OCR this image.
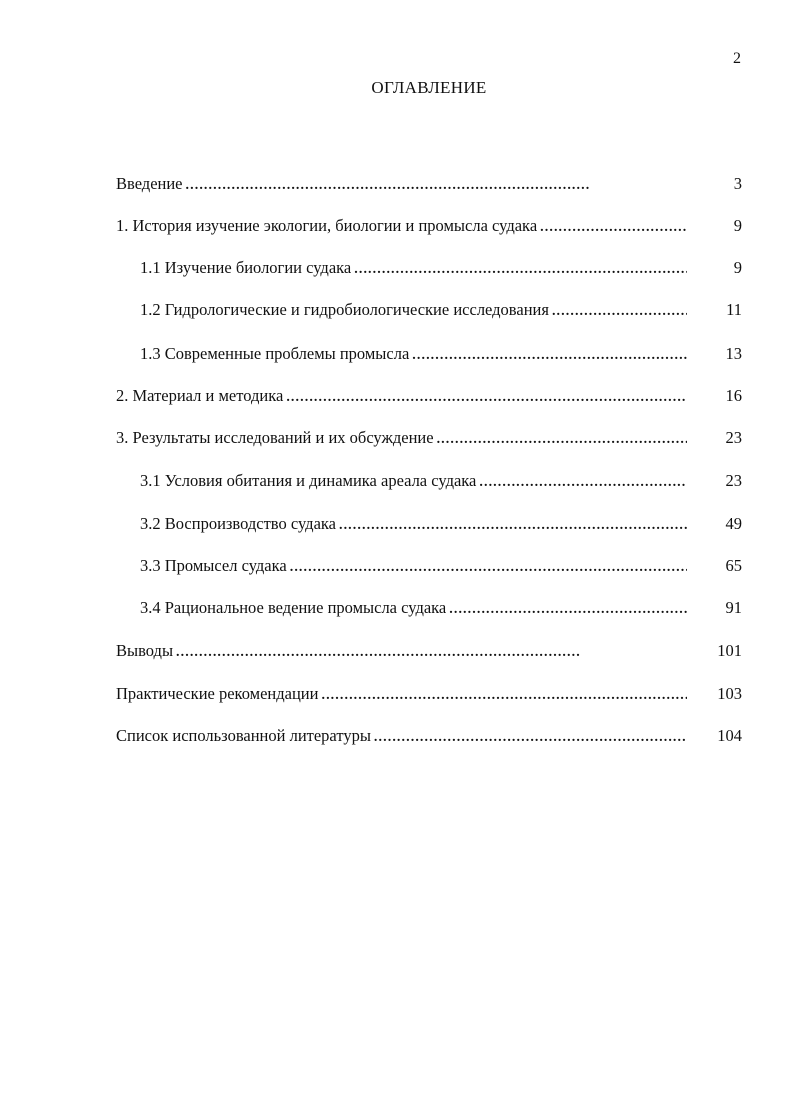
2
ОГЛАВЛЕНИЕ
Введение . . .	3
1. История изучение экологии, биологии и промысла судака . . .	9
1.1 Изучение биологии судака . . .	9
1.2 Гидрологические и гидробиологические исследования . . .	11
1.3 Современные проблемы промысла . . .	13
2. Материал и методика . . .	16
3. Результаты исследований и их обсуждение . . .	23
3.1 Условия обитания и динамика ареала судака . . .	23
3.2 Воспроизводство судака . . .	49
3.3 Промысел судака . . .	65
3.4 Рациональное ведение промысла судака . . .	91
Выводы . . .	101
Практические рекомендации . . .	103
Список использованной литературы . . .	104
